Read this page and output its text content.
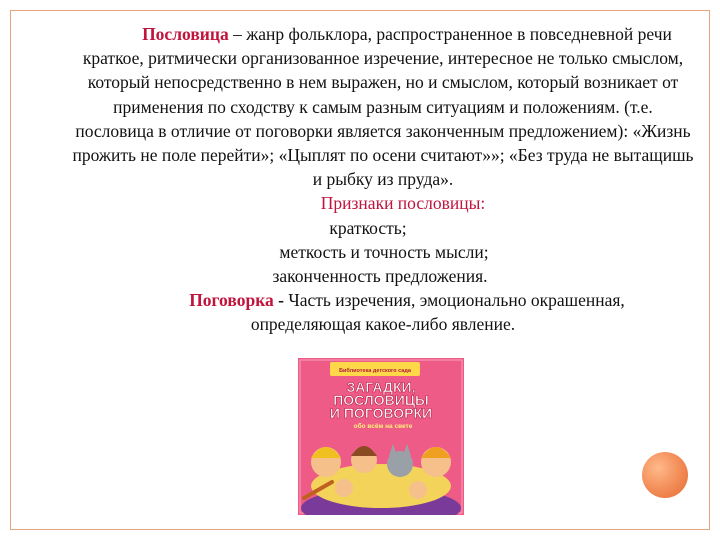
Пословица – жанр фольклора, распространенное в повседневной речи краткое, ритмически организованное изречение, интересное не только смыслом, который непосредственно в нем выражен, но и смыслом, который возникает от применения по сходству к самым разным ситуациям и положениям. (т.е. пословица в отличие от поговорки является законченным предложением): «Жизнь прожить не поле перейти»; «Цыплят по осени считают»»; «Без труда не вытащишь и рыбку из пруда».

Признаки пословицы:

краткость;

меткость и точность мысли;

законченность предложения.

Поговорка - Часть изречения, эмоционально окрашенная, определяющая какое-либо явление.

Библиотека детского сада
ЗАГАДКИ,
ПОСЛОВИЦЫ
И ПОГОВОРКИ
обо всём на свете
